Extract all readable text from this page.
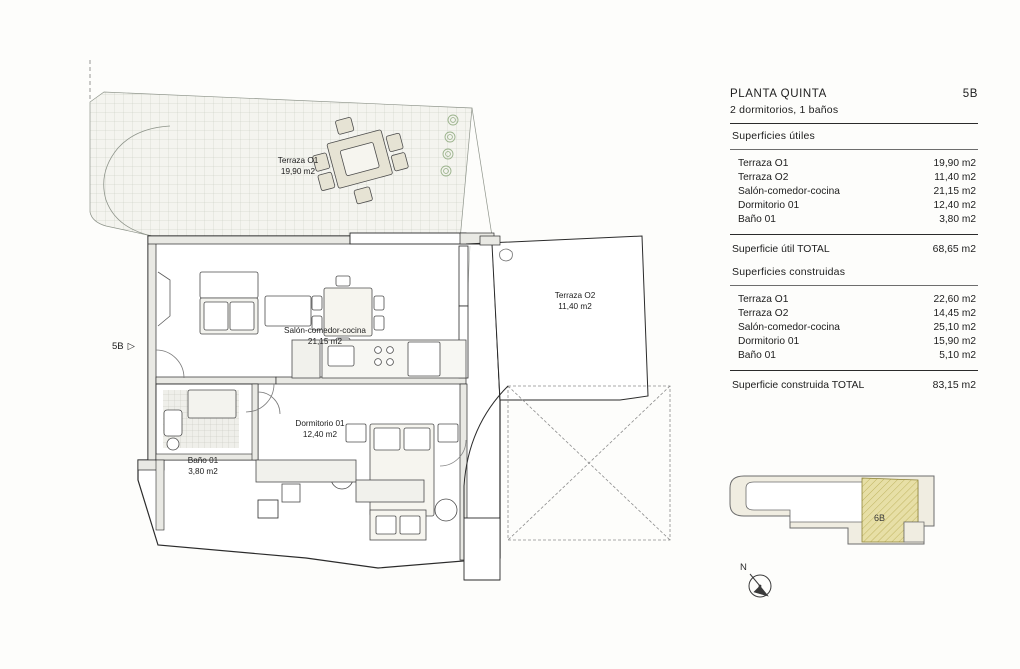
Terraza O1
19,90 m2
Terraza O2
11,40 m2
Salón-comedor-cocina
21,15 m2
Dormitorio 01
12,40 m2
Baño 01
3,80 m2
5B ▷
PLANTA QUINTA	5B
2 dormitorios, 1 baños
Superficies útiles
Terraza O1	19,90 m2
Terraza O2	11,40 m2
Salón-comedor-cocina	21,15 m2
Dormitorio 01	12,40 m2
Baño 01	3,80 m2
Superficie útil TOTAL	68,65 m2
Superficies construidas
Terraza O1	22,60 m2
Terraza O2	14,45 m2
Salón-comedor-cocina	25,10 m2
Dormitorio 01	15,90 m2
Baño 01	5,10 m2
Superficie construida TOTAL	83,15 m2
6B
N
